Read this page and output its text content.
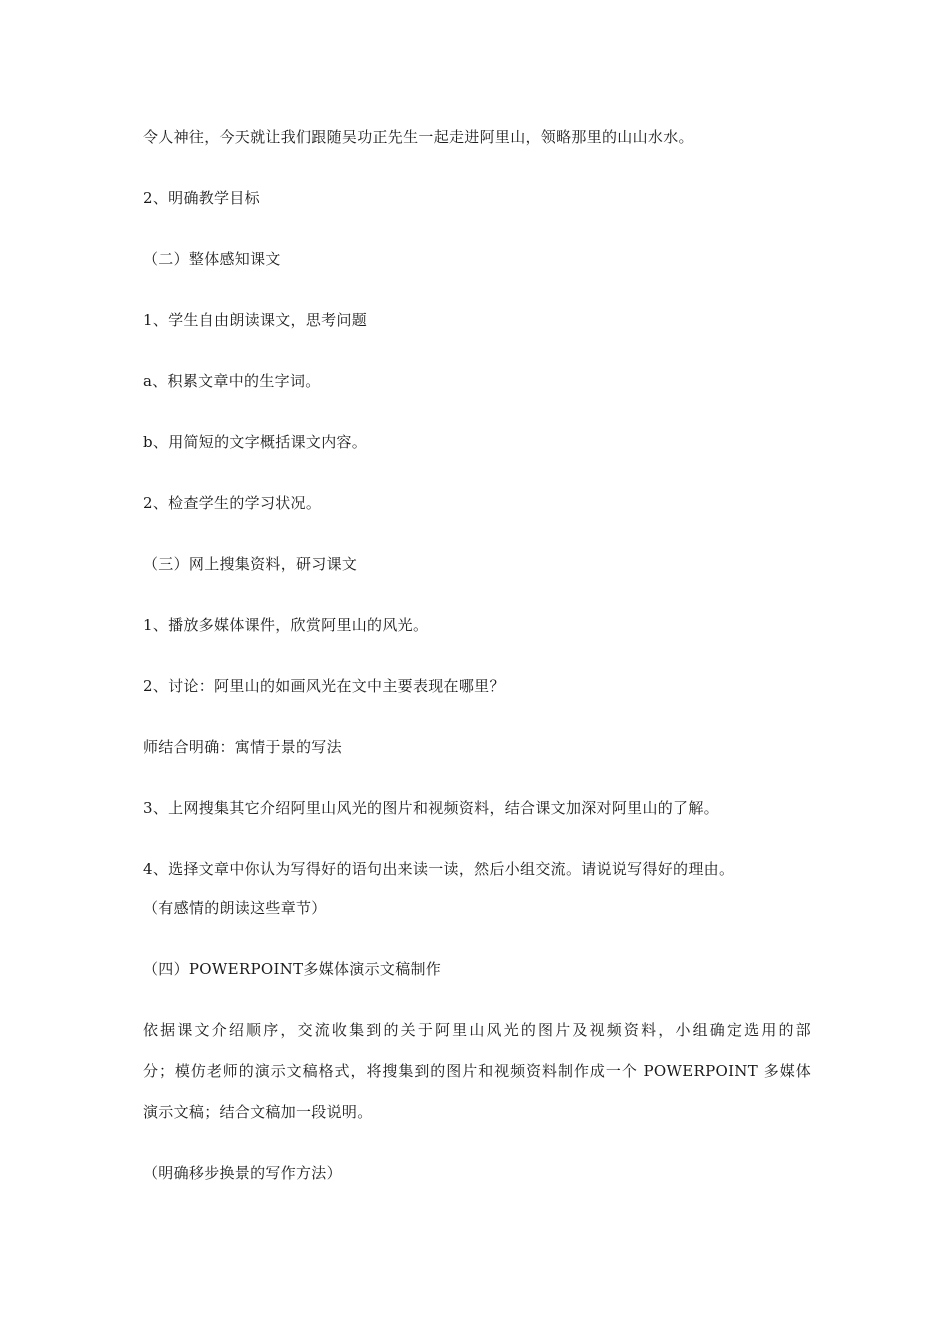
令人神往，今天就让我们跟随吴功正先生一起走进阿里山，领略那里的山山水水。
2、明确教学目标
（二）整体感知课文
1、学生自由朗读课文，思考问题
a、积累文章中的生字词。
b、用简短的文字概括课文内容。
2、检查学生的学习状况。
（三）网上搜集资料，研习课文
1、播放多媒体课件，欣赏阿里山的风光。
2、讨论：阿里山的如画风光在文中主要表现在哪里？
师结合明确：寓情于景的写法
3、上网搜集其它介绍阿里山风光的图片和视频资料，结合课文加深对阿里山的了解。
4、选择文章中你认为写得好的语句出来读一读，然后小组交流。请说说写得好的理由。
（有感情的朗读这些章节）
（四）POWERPOINT多媒体演示文稿制作
依据课文介绍顺序，交流收集到的关于阿里山风光的图片及视频资料，小组确定选用的部
分；模仿老师的演示文稿格式，将搜集到的图片和视频资料制作成一个 POWERPOINT 多媒体
演示文稿；结合文稿加一段说明。
（明确移步换景的写作方法）
